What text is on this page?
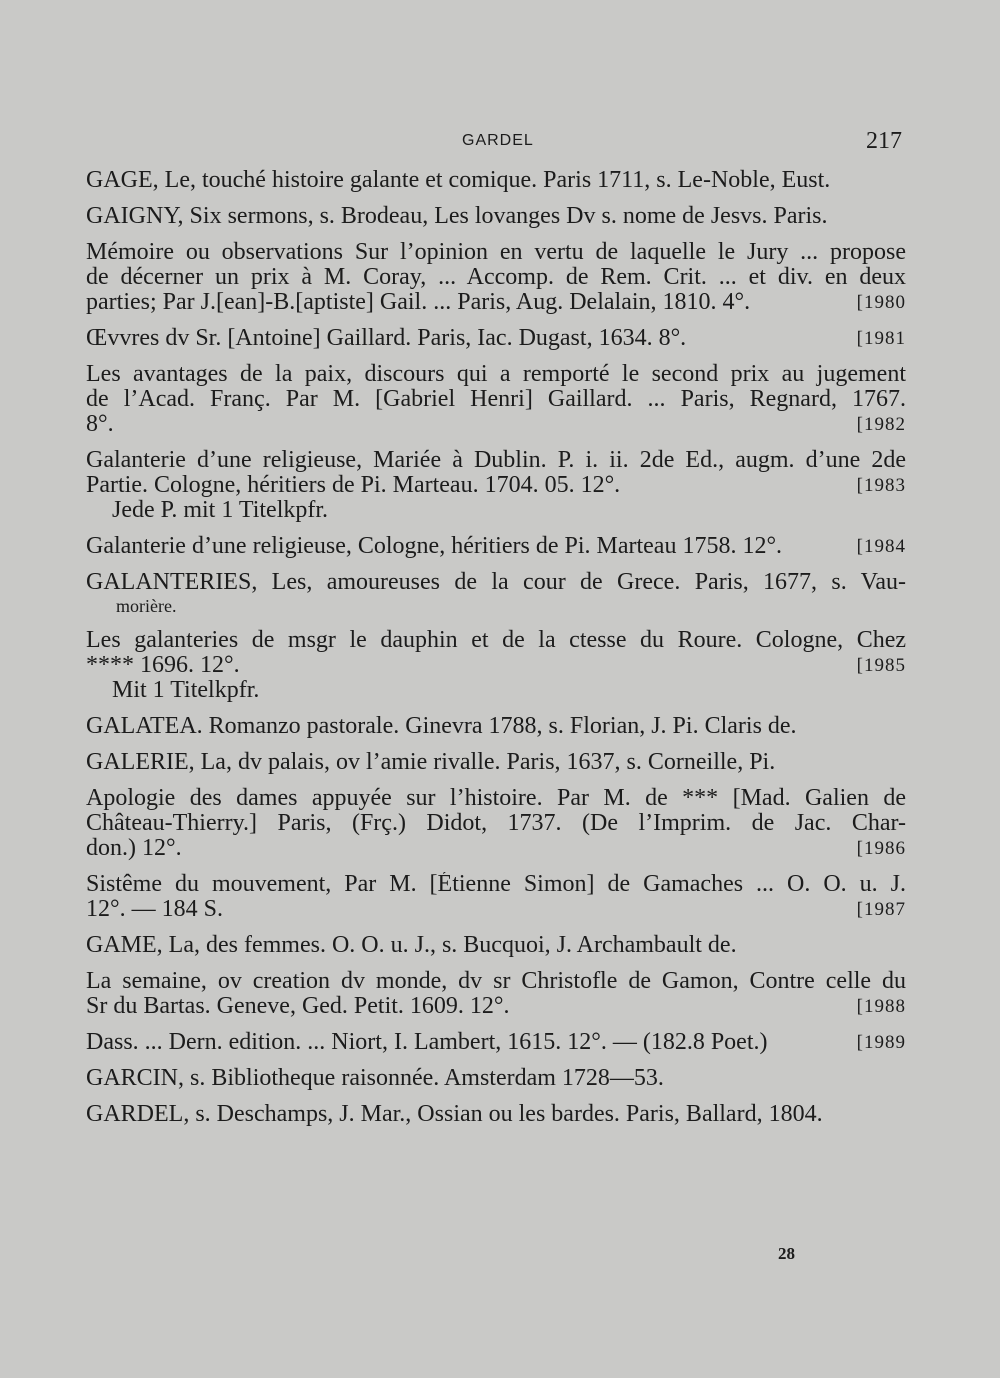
GARDEL	217
GAGE, Le, touché histoire galante et comique. Paris 1711, s. Le-Noble, Eust.
GAIGNY, Six sermons, s. Brodeau, Les lovanges Dv s. nome de Jesvs. Paris.
Mémoire ou observations Sur l’opinion en vertu de laquelle le Jury ... propose
de décerner un prix à M. Coray, ... Accomp. de Rem. Crit. ... et div. en deux
parties; Par J.[ean]-B.[aptiste] Gail. ... Paris, Aug. Delalain, 1810. 4°.	[1980
Œvvres dv Sr. [Antoine] Gaillard. Paris, Iac. Dugast, 1634. 8°.	[1981
Les avantages de la paix, discours qui a remporté le second prix au jugement
de l’Acad. Franç. Par M. [Gabriel Henri] Gaillard. ... Paris, Regnard, 1767.
8°.	[1982
Galanterie d’une religieuse, Mariée à Dublin. P. i. ii. 2de Ed., augm. d’une 2de
Partie. Cologne, héritiers de Pi. Marteau. 1704. 05. 12°.
Jede P. mit 1 Titelkpfr.
[1983
Galanterie d’une religieuse, Cologne, héritiers de Pi. Marteau 1758. 12°.	[1984
GALANTERIES, Les, amoureuses de la cour de Grece. Paris, 1677, s. Vau-
morière.
Les galanteries de msgr le dauphin et de la ctesse du Roure. Cologne, Chez
**** 1696. 12°.
Mit 1 Titelkpfr.
[1985
GALATEA. Romanzo pastorale. Ginevra 1788, s. Florian, J. Pi. Claris de.
GALERIE, La, dv palais, ov l’amie rivalle. Paris, 1637, s. Corneille, Pi.
Apologie des dames appuyée sur l’histoire. Par M. de *** [Mad. Galien de
Château-Thierry.] Paris, (Frç.) Didot, 1737. (De l’Imprim. de Jac. Char-
don.) 12°.	[1986
Sistême du mouvement, Par M. [Étienne Simon] de Gamaches ... O. O. u. J.
12°. — 184 S.	[1987
GAME, La, des femmes. O. O. u. J., s. Bucquoi, J. Archambault de.
La semaine, ov creation dv monde, dv sr Christofle de Gamon, Contre celle du
Sr du Bartas. Geneve, Ged. Petit. 1609. 12°.	[1988
Dass. ... Dern. edition. ... Niort, I. Lambert, 1615. 12°. — (182.8 Poet.)	[1989
GARCIN, s. Bibliotheque raisonnée. Amsterdam 1728—53.
GARDEL, s. Deschamps, J. Mar., Ossian ou les bardes. Paris, Ballard, 1804.
28
